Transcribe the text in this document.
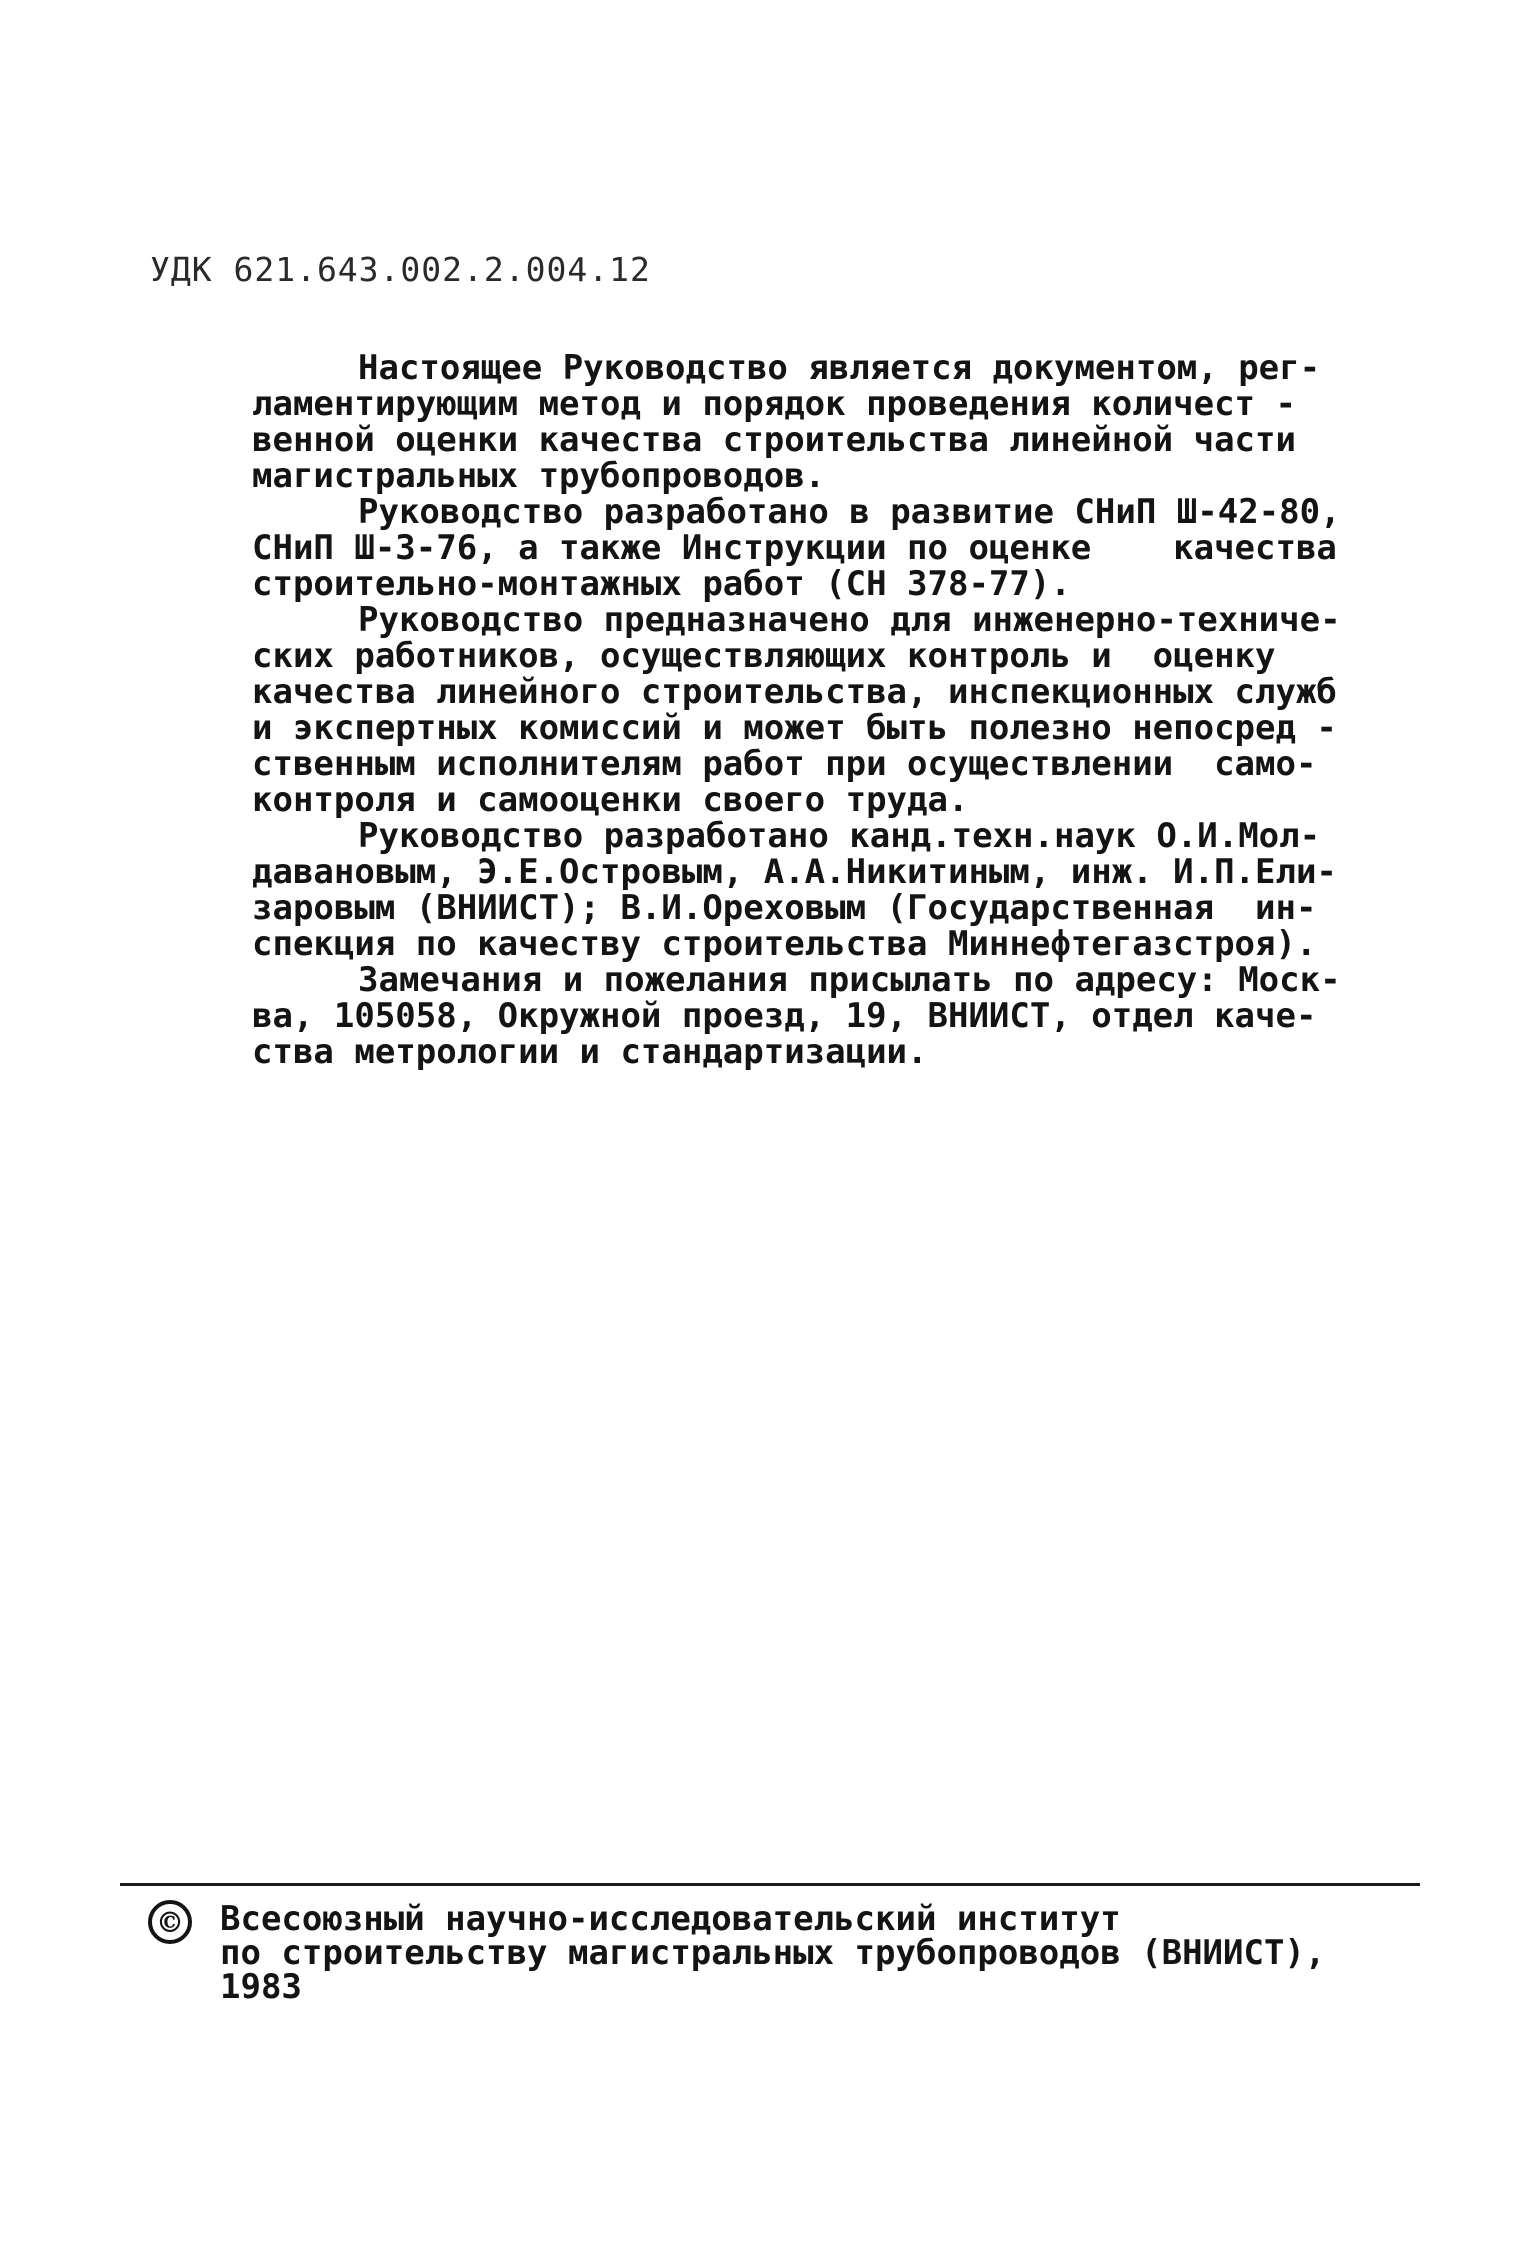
УДК 621.643.002.2.004.12
Настоящее Руководство является документом, рег-
ламентирующим метод и порядок проведения количест -
венной оценки качества строительства линейной части
магистральных трубопроводов.
Руководство разработано в развитие СНиП Ш-42-80,
СНиП Ш-3-76, а также Инструкции по оценке    качества
строительно-монтажных работ (СН 378-77).
Руководство предназначено для инженерно-техниче-
ских работников, осуществляющих контроль и  оценку
качества линейного строительства, инспекционных служб
и экспертных комиссий и может быть полезно непосред -
ственным исполнителям работ при осуществлении  само-
контроля и самооценки своего труда.
Руководство разработано канд.техн.наук О.И.Мол-
давановым, Э.Е.Островым, А.А.Никитиным, инж. И.П.Ели-
заровым (ВНИИСТ); В.И.Ореховым (Государственная  ин-
спекция по качеству строительства Миннефтегазстроя).
Замечания и пожелания присылать по адресу: Моск-
ва, 105058, Окружной проезд, 19, ВНИИСТ, отдел каче-
ства метрологии и стандартизации.
© Всесоюзный научно-исследовательский институт
по строительству магистральных трубопроводов (ВНИИСТ),
1983
